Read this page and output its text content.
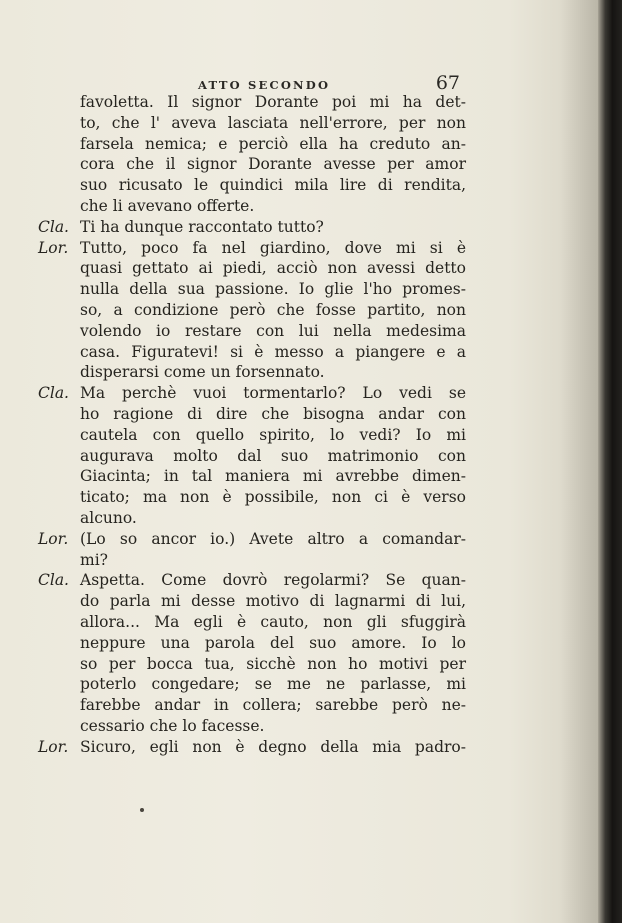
ATTO SECONDO	67
favoletta. Il signor Dorante poi mi ha det-
to, che l' aveva lasciata nell'errore, per non
farsela nemica; e perciò ella ha creduto an-
cora che il signor Dorante avesse per amor
suo ricusato le quindici mila lire di rendita,
che li avevano offerte.
Cla. Ti ha dunque raccontato tutto?
Lor. Tutto, poco fa nel giardino, dove mi si è
quasi gettato ai piedi, acciò non avessi detto
nulla della sua passione. Io glie l'ho promes-
so, a condizione però che fosse partito, non
volendo io restare con lui nella medesima
casa. Figuratevi! si è messo a piangere e a
disperarsi come un forsennato.
Cla. Ma perchè vuoi tormentarlo? Lo vedi se
ho ragione di dire che bisogna andar con
cautela con quello spirito, lo vedi? Io mi
augurava molto dal suo matrimonio con
Giacinta; in tal maniera mi avrebbe dimen-
ticato; ma non è possibile, non ci è verso
alcuno.
Lor. (Lo so ancor io.) Avete altro a comandar-
mi?
Cla. Aspetta. Come dovrò regolarmi? Se quan-
do parla mi desse motivo di lagnarmi di lui,
allora... Ma egli è cauto, non gli sfuggirà
neppure una parola del suo amore. Io lo
so per bocca tua, sicchè non ho motivi per
poterlo congedare; se me ne parlasse, mi
farebbe andar in collera; sarebbe però ne-
cessario che lo facesse.
Lor. Sicuro, egli non è degno della mia padro-
